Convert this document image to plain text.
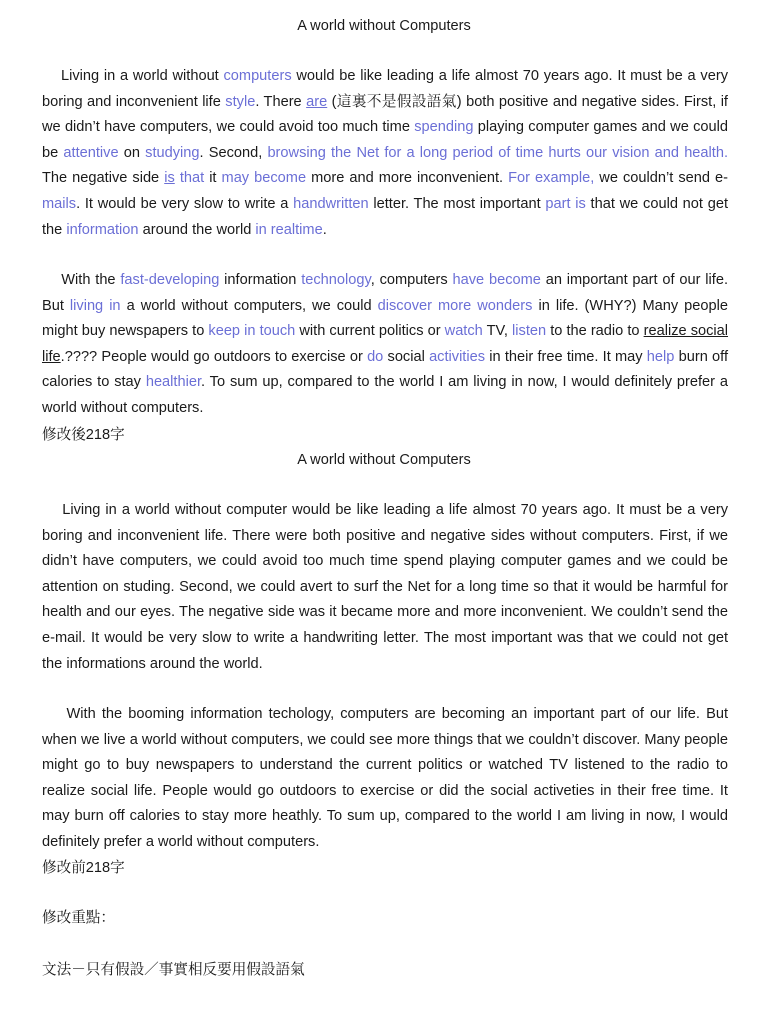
A world without Computers

Living in a world without computers would be like leading a life almost 70 years ago. It must be a very boring and inconvenient life style. There are (這裏不是假設語氣) both positive and negative sides. First, if we didn’t have computers, we could avoid too much time spending playing computer games and we could be attentive on studying. Second, browsing the Net for a long period of time hurts our vision and health. The negative side is that it may become more and more inconvenient. For example, we couldn’t send e-mails. It would be very slow to write a handwritten letter. The most important part is that we could not get the information around the world in realtime.

With the fast-developing information technology, computers have become an important part of our life. But living in a world without computers, we could discover more wonders in life. (WHY?) Many people might buy newspapers to keep in touch with current politics or watch TV, listen to the radio to realize social life.???? People would go outdoors to exercise or do social activities in their free time. It may help burn off calories to stay healthier. To sum up, compared to the world I am living in now, I would definitely prefer a world without computers.

修改後218字
A world without Computers

Living in a world without computer would be like leading a life almost 70 years ago. It must be a very boring and inconvenient life. There were both positive and negative sides without computers. First, if we didn’t have computers, we could avoid too much time spend playing computer games and we could be attention on studing. Second, we could avert to surf the Net for a long time so that it would be harmful for health and our eyes. The negative side was it became more and more inconvenient. We couldn’t send the e-mail. It would be very slow to write a handwriting letter. The most important was that we could not get the informations around the world.

With the booming information techology, computers are becoming an important part of our life. But when we live a world without computers, we could see more things that we couldn’t discover. Many people might go to buy newspapers to understand the current politics or watched TV listened to the radio to realize social life. People would go outdoors to exercise or did the social activeties in their free time. It may burn off calories to stay more heathly. To sum up, compared to the world I am living in now, I would definitely prefer a world without computers.

修改前218字
修改重點：
文法－只有假設／事實相反要用假設語氣
